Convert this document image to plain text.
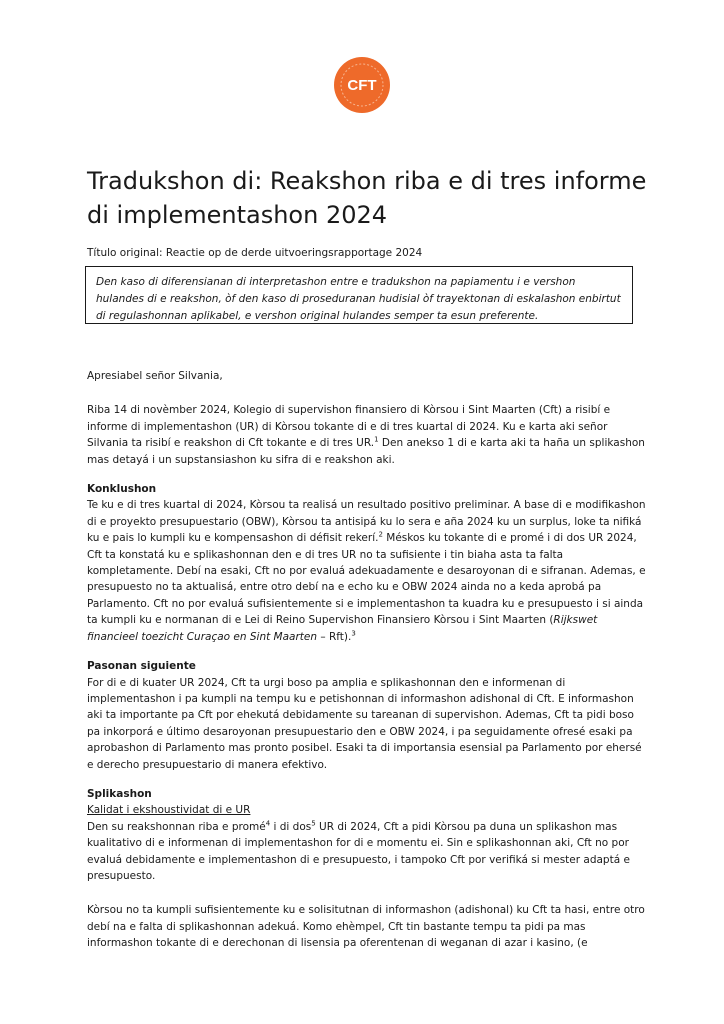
CFT
Tradukshon di: Reakshon riba e di tres informe di implementashon 2024
Título original: Reactie op de derde uitvoeringsrapportage 2024
Den kaso di diferensianan di interpretashon entre e tradukshon na papiamentu i e vershon hulandes di e reakshon, òf den kaso di proseduranan hudisial òf trayektonan di eskalashon enbirtut di regulashonnan aplikabel, e vershon original hulandes semper ta esun preferente.

Apresiabel señor Silvania,

Riba 14 di novèmber 2024, Kolegio di supervishon finansiero di Kòrsou i Sint Maarten (Cft) a risibí e informe di implementashon (UR) di Kòrsou tokante di e di tres kuartal di 2024. Ku e karta aki señor Silvania ta risibí e reakshon di Cft tokante e di tres UR.$^1$ Den anekso 1 di e karta aki ta haña un splikashon mas detayá i un supstansiashon ku sifra di e reakshon aki.

Konklushon

Te ku e di tres kuartal di 2024, Kòrsou ta realisá un resultado positivo preliminar. A base di e modifikashon di e proyekto presupuestario (OBW), Kòrsou ta antisipá ku lo sera e aña 2024 ku un surplus, loke ta nifiká ku e pais lo kumpli ku e kompensashon di défisit rekerí.$^2$ Méskos ku tokante di e promé i di dos UR 2024, Cft ta konstatá ku e splikashonnan den e di tres UR no ta sufisiente i tin biaha asta ta falta kompletamente. Debí na esaki, Cft no por evaluá adekuadamente e desaroyonan di e sifranan. Ademas, e presupuesto no ta aktualisá, entre otro debí na e echo ku e OBW 2024 ainda no a keda aprobá pa Parlamento. Cft no por evaluá sufisientemente si e implementashon ta kuadra ku e presupuesto i si ainda ta kumpli ku e normanan di e Lei di Reino Supervishon Finansiero Kòrsou i Sint Maarten (Rijkswet financieel toezicht Curaçao en Sint Maarten – Rft).$^3$

Pasonan siguiente

For di e di kuater UR 2024, Cft ta urgi boso pa amplia e splikashonnan den e informenan di implementashon i pa kumpli na tempu ku e petishonnan di informashon adishonal di Cft. E informashon aki ta importante pa Cft por ehekutá debidamente su tareanan di supervishon. Ademas, Cft ta pidi boso pa inkorporá e último desaroyonan presupuestario den e OBW 2024, i pa seguidamente ofresé esaki pa aprobashon di Parlamento mas pronto posibel. Esaki ta di importansia esensial pa Parlamento por ehersé e derecho presupuestario di manera efektivo.

Splikashon

Kalidat i ekshoustividat di e UR

Den su reakshonnan riba e promé$^4$ i di dos$^5$ UR di 2024, Cft a pidi Kòrsou pa duna un splikashon mas kualitativo di e informenan di implementashon for di e momentu ei. Sin e splikashonnan aki, Cft no por evaluá debidamente e implementashon di e presupuesto, i tampoko Cft por verifiká si mester adaptá e presupuesto.

Kòrsou no ta kumpli sufisientemente ku e solisitutnan di informashon (adishonal) ku Cft ta hasi, entre otro debí na e falta di splikashonnan adekuá. Komo ehèmpel, Cft tin bastante tempu ta pidi pa mas informashon tokante di e derechonan di lisensia pa oferentenan di weganan di azar i kasino, (e
